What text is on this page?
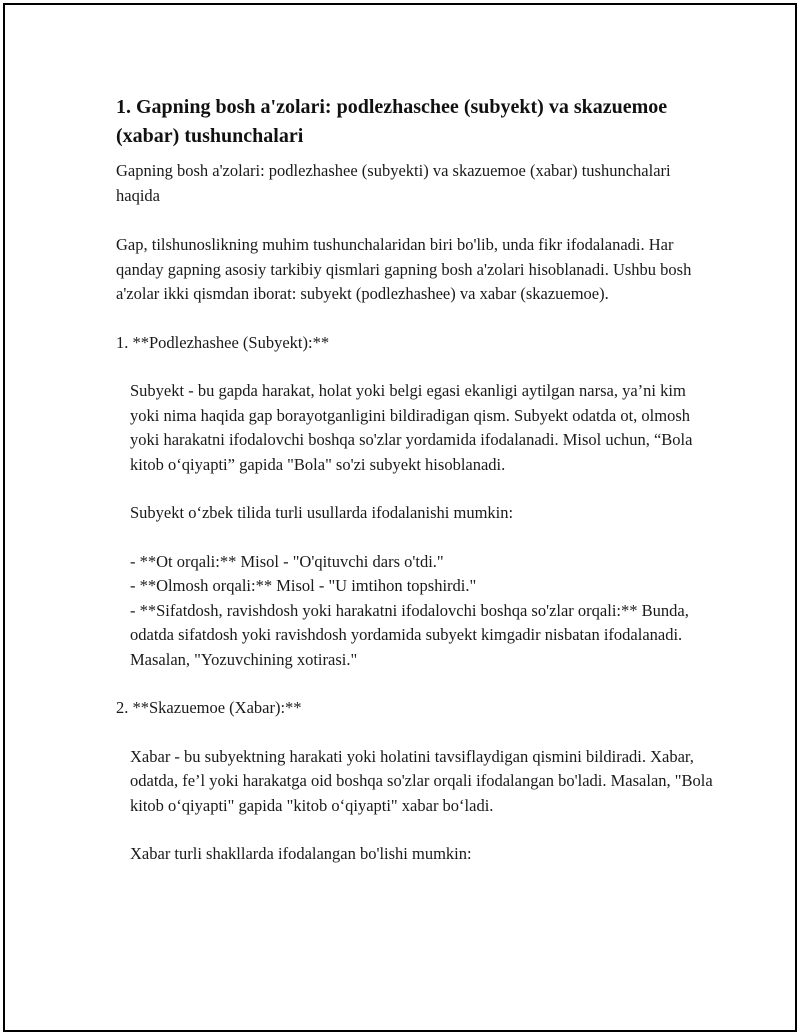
1. Gapning bosh a'zolari: podlezhaschee (subyekt) va skazuemoe (xabar) tushunchalari

Gapning bosh a'zolari: podlezhashee (subyekti) va skazuemoe (xabar) tushunchalari haqida

Gap, tilshunoslikning muhim tushunchalaridan biri bo'lib, unda fikr ifodalanadi. Har qanday gapning asosiy tarkibiy qismlari gapning bosh a'zolari hisoblanadi. Ushbu bosh a'zolar ikki qismdan iborat: subyekt (podlezhashee) va xabar (skazuemoe).

1. **Podlezhashee (Subyekt):**

Subyekt - bu gapda harakat, holat yoki belgi egasi ekanligi aytilgan narsa, ya’ni kim yoki nima haqida gap borayotganligini bildiradigan qism. Subyekt odatda ot, olmosh yoki harakatni ifodalovchi boshqa so'zlar yordamida ifodalanadi. Misol uchun, “Bola kitob o‘qiyapti” gapida "Bola" so'zi subyekt hisoblanadi.

Subyekt o‘zbek tilida turli usullarda ifodalanishi mumkin:

- **Ot orqali:** Misol - "O'qituvchi dars o'tdi."

- **Olmosh orqali:** Misol - "U imtihon topshirdi."

- **Sifatdosh, ravishdosh yoki harakatni ifodalovchi boshqa so'zlar orqali:** Bunda, odatda sifatdosh yoki ravishdosh yordamida subyekt kimgadir nisbatan ifodalanadi. Masalan, "Yozuvchining xotirasi."

2. **Skazuemoe (Xabar):**

Xabar - bu subyektning harakati yoki holatini tavsiflaydigan qismini bildiradi. Xabar, odatda, fe’l yoki harakatga oid boshqa so'zlar orqali ifodalangan bo'ladi. Masalan, "Bola kitob o‘qiyapti" gapida "kitob o‘qiyapti" xabar bo‘ladi.

Xabar turli shakllarda ifodalangan bo'lishi mumkin:
